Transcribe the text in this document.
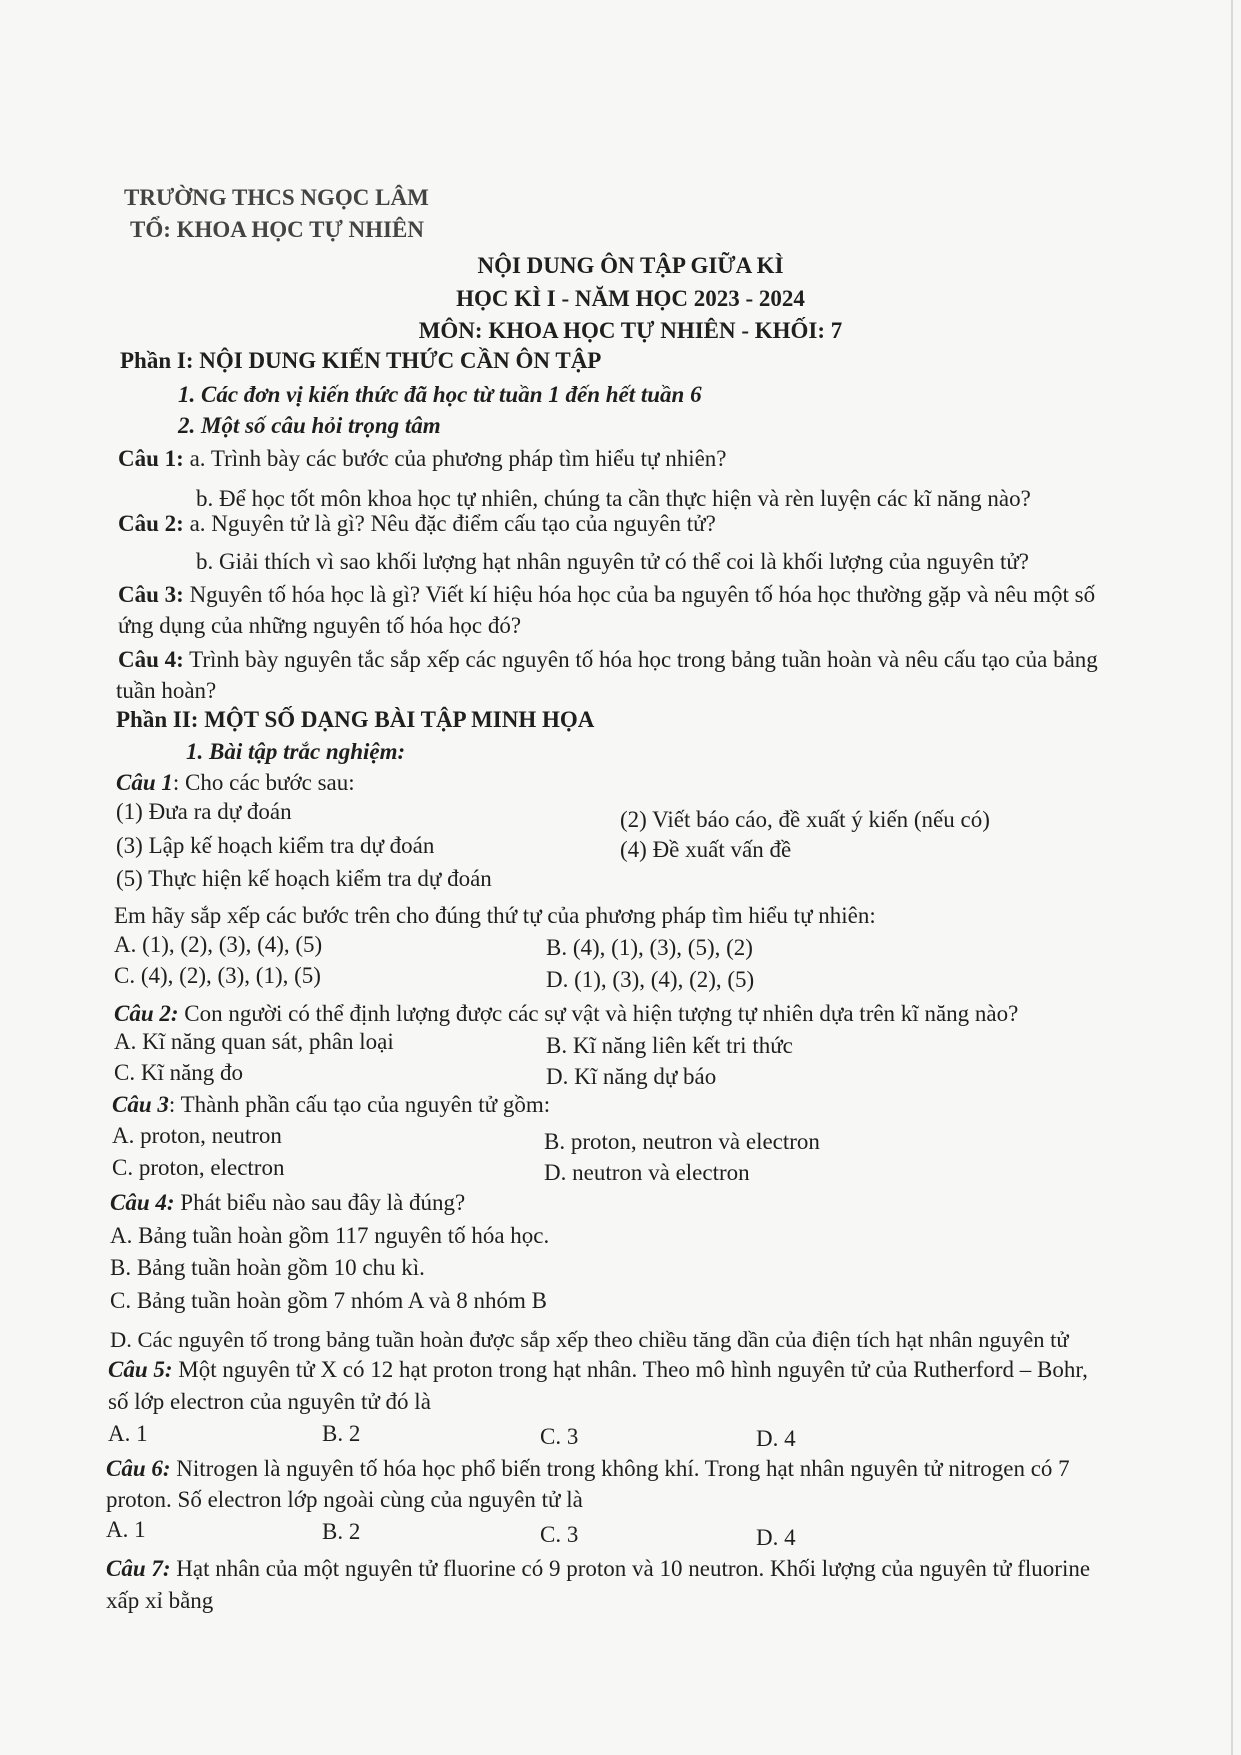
TRƯỜNG THCS NGỌC LÂM
TỔ: KHOA HỌC TỰ NHIÊN
NỘI DUNG ÔN TẬP GIỮA KÌ
HỌC KÌ I - NĂM HỌC 2023 - 2024
MÔN: KHOA HỌC TỰ NHIÊN - KHỐI: 7
Phần I: NỘI DUNG KIẾN THỨC CẦN ÔN TẬP
1. Các đơn vị kiến thức đã học từ tuần 1 đến hết tuần 6
2. Một số câu hỏi trọng tâm
Câu 1: a. Trình bày các bước của phương pháp tìm hiểu tự nhiên?
b. Để học tốt môn khoa học tự nhiên, chúng ta cần thực hiện và rèn luyện các kĩ năng nào?
Câu 2: a. Nguyên tử là gì? Nêu đặc điểm cấu tạo của nguyên tử?
b. Giải thích vì sao khối lượng hạt nhân nguyên tử có thể coi là khối lượng của nguyên tử?
Câu 3: Nguyên tố hóa học là gì? Viết kí hiệu hóa học của ba nguyên tố hóa học thường gặp và nêu một số
ứng dụng của những nguyên tố hóa học đó?
Câu 4: Trình bày nguyên tắc sắp xếp các nguyên tố hóa học trong bảng tuần hoàn và nêu cấu tạo của bảng
tuần hoàn?
Phần II: MỘT SỐ DẠNG BÀI TẬP MINH HỌA
1. Bài tập trắc nghiệm:
Câu 1: Cho các bước sau:
(1) Đưa ra dự đoán	(2) Viết báo cáo, đề xuất ý kiến (nếu có)
(3) Lập kế hoạch kiểm tra dự đoán	(4) Đề xuất vấn đề
(5) Thực hiện kế hoạch kiểm tra dự đoán
Em hãy sắp xếp các bước trên cho đúng thứ tự của phương pháp tìm hiểu tự nhiên:
A. (1), (2), (3), (4), (5)	B. (4), (1), (3), (5), (2)
C. (4), (2), (3), (1), (5)	D. (1), (3), (4), (2), (5)
Câu 2: Con người có thể định lượng được các sự vật và hiện tượng tự nhiên dựa trên kĩ năng nào?
A. Kĩ năng quan sát, phân loại	B. Kĩ năng liên kết tri thức
C. Kĩ năng đo	D. Kĩ năng dự báo
Câu 3: Thành phần cấu tạo của nguyên tử gồm:
A. proton, neutron	B. proton, neutron và electron
C. proton, electron	D. neutron và electron
Câu 4: Phát biểu nào sau đây là đúng?
A. Bảng tuần hoàn gồm 117 nguyên tố hóa học.
B. Bảng tuần hoàn gồm 10 chu kì.
C. Bảng tuần hoàn gồm 7 nhóm A và 8 nhóm B
D. Các nguyên tố trong bảng tuần hoàn được sắp xếp theo chiều tăng dần của điện tích hạt nhân nguyên tử
Câu 5: Một nguyên tử X có 12 hạt proton trong hạt nhân. Theo mô hình nguyên tử của Rutherford – Bohr,
số lớp electron của nguyên tử đó là
A. 1	B. 2	C. 3	D. 4
Câu 6: Nitrogen là nguyên tố hóa học phổ biến trong không khí. Trong hạt nhân nguyên tử nitrogen có 7
proton. Số electron lớp ngoài cùng của nguyên tử là
A. 1	B. 2	C. 3	D. 4
Câu 7: Hạt nhân của một nguyên tử fluorine có 9 proton và 10 neutron. Khối lượng của nguyên tử fluorine
xấp xỉ bằng
